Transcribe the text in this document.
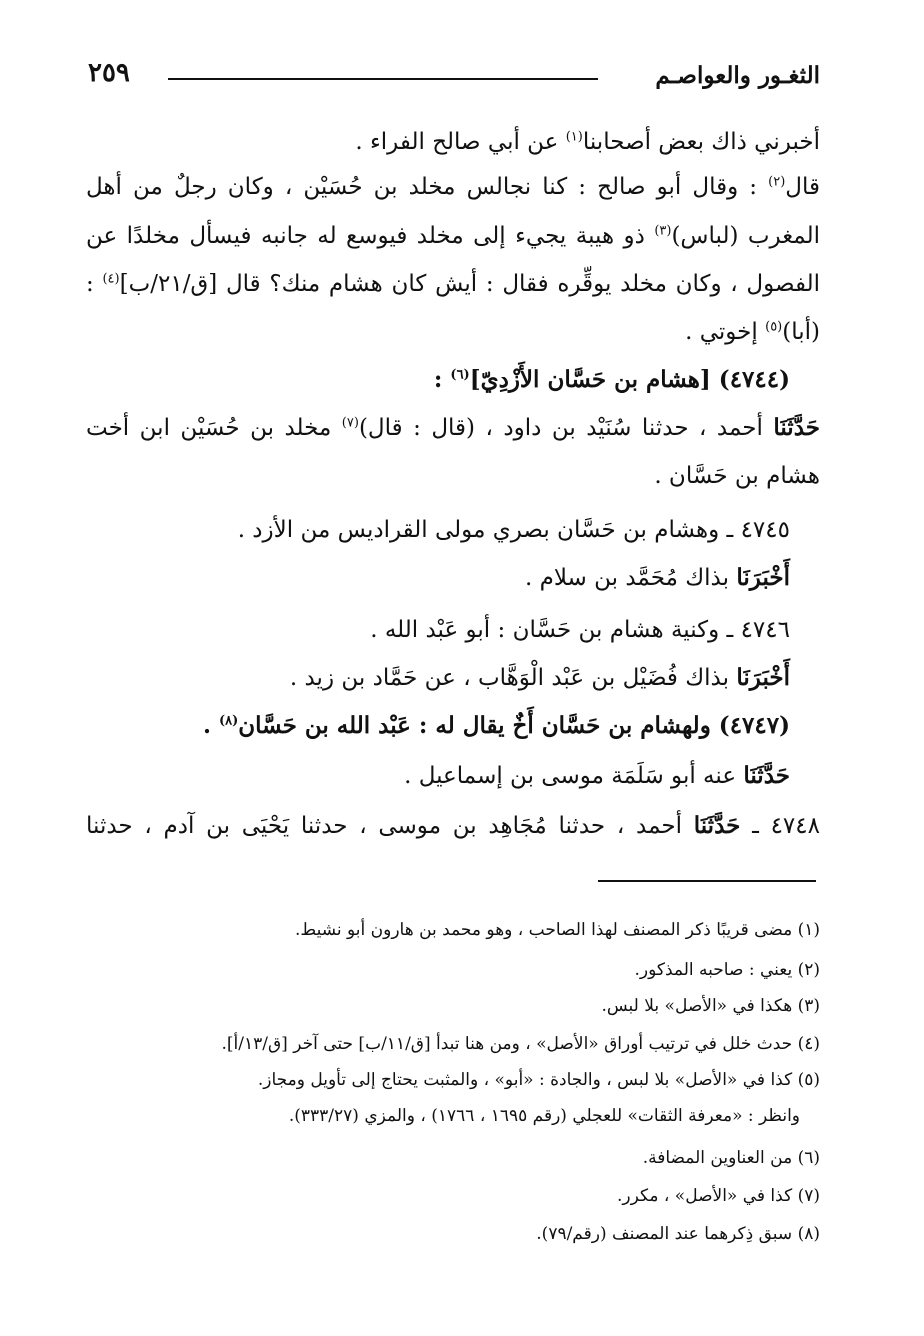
الثغـور والعواصـم
٢٥٩
أخبرني ذاك بعض أصحابنا$^{(١)}$ عن أبي صالح الفراء .
قال$^{(٢)}$ : وقال أبو صالح : كنا نجالس مخلد بن حُسَيْن ، وكان رجلٌ من أهل
المغرب (لباس)$^{(٣)}$ ذو هيبة يجيء إلى مخلد فيوسع له جانبه فيسأل مخلدًا عن
الفصول ، وكان مخلد يوقِّره فقال : أيش كان هشام منك؟ قال [ق/٢١/ب]$^{(٤)}$ :
(أبا)$^{(٥)}$ إخوتي .
(٤٧٤٤) [هشام بن حَسَّان الأَزْدِيّ]$^{(٦)}$ :
حَدَّثَنَا أحمد ، حدثنا سُنَيْد بن داود ، (قال : قال)$^{(٧)}$ مخلد بن حُسَيْن ابن أخت
هشام بن حَسَّان .
٤٧٤٥ ـ وهشام بن حَسَّان بصري مولى القراديس من الأزد .
أَخْبَرَنَا بذاك مُحَمَّد بن سلام .
٤٧٤٦ ـ وكنية هشام بن حَسَّان : أبو عَبْد الله .
أَخْبَرَنَا بذاك فُضَيْل بن عَبْد الْوَهَّاب ، عن حَمَّاد بن زيد .
(٤٧٤٧) ولهشام بن حَسَّان أَخٌ يقال له : عَبْد الله بن حَسَّان$^{(٨)}$ .
حَدَّثَنَا عنه أبو سَلَمَة موسى بن إسماعيل .
٤٧٤٨ ـ حَدَّثَنَا أحمد ، حدثنا مُجَاهِد بن موسى ، حدثنا يَحْيَى بن آدم ، حدثنا
(١) مضى قريبًا ذكر المصنف لهذا الصاحب ، وهو محمد بن هارون أبو نشيط.
(٢) يعني : صاحبه المذكور.
(٣) هكذا في «الأصل» بلا لبس.
(٤) حدث خلل في ترتيب أوراق «الأصل» ، ومن هنا تبدأ [ق/١١/ب] حتى آخر [ق/١٣/أ].
(٥) كذا في «الأصل» بلا لبس ، والجادة : «أبو» ، والمثبت يحتاج إلى تأويل ومجاز.
وانظر : «معرفة الثقات» للعجلي (رقم ١٦٩٥ ، ١٧٦٦) ، والمزي (٣٣٣/٢٧).
(٦) من العناوين المضافة.
(٧) كذا في «الأصل» ، مكرر.
(٨) سبق ذِكرهما عند المصنف (رقم/٧٩).
